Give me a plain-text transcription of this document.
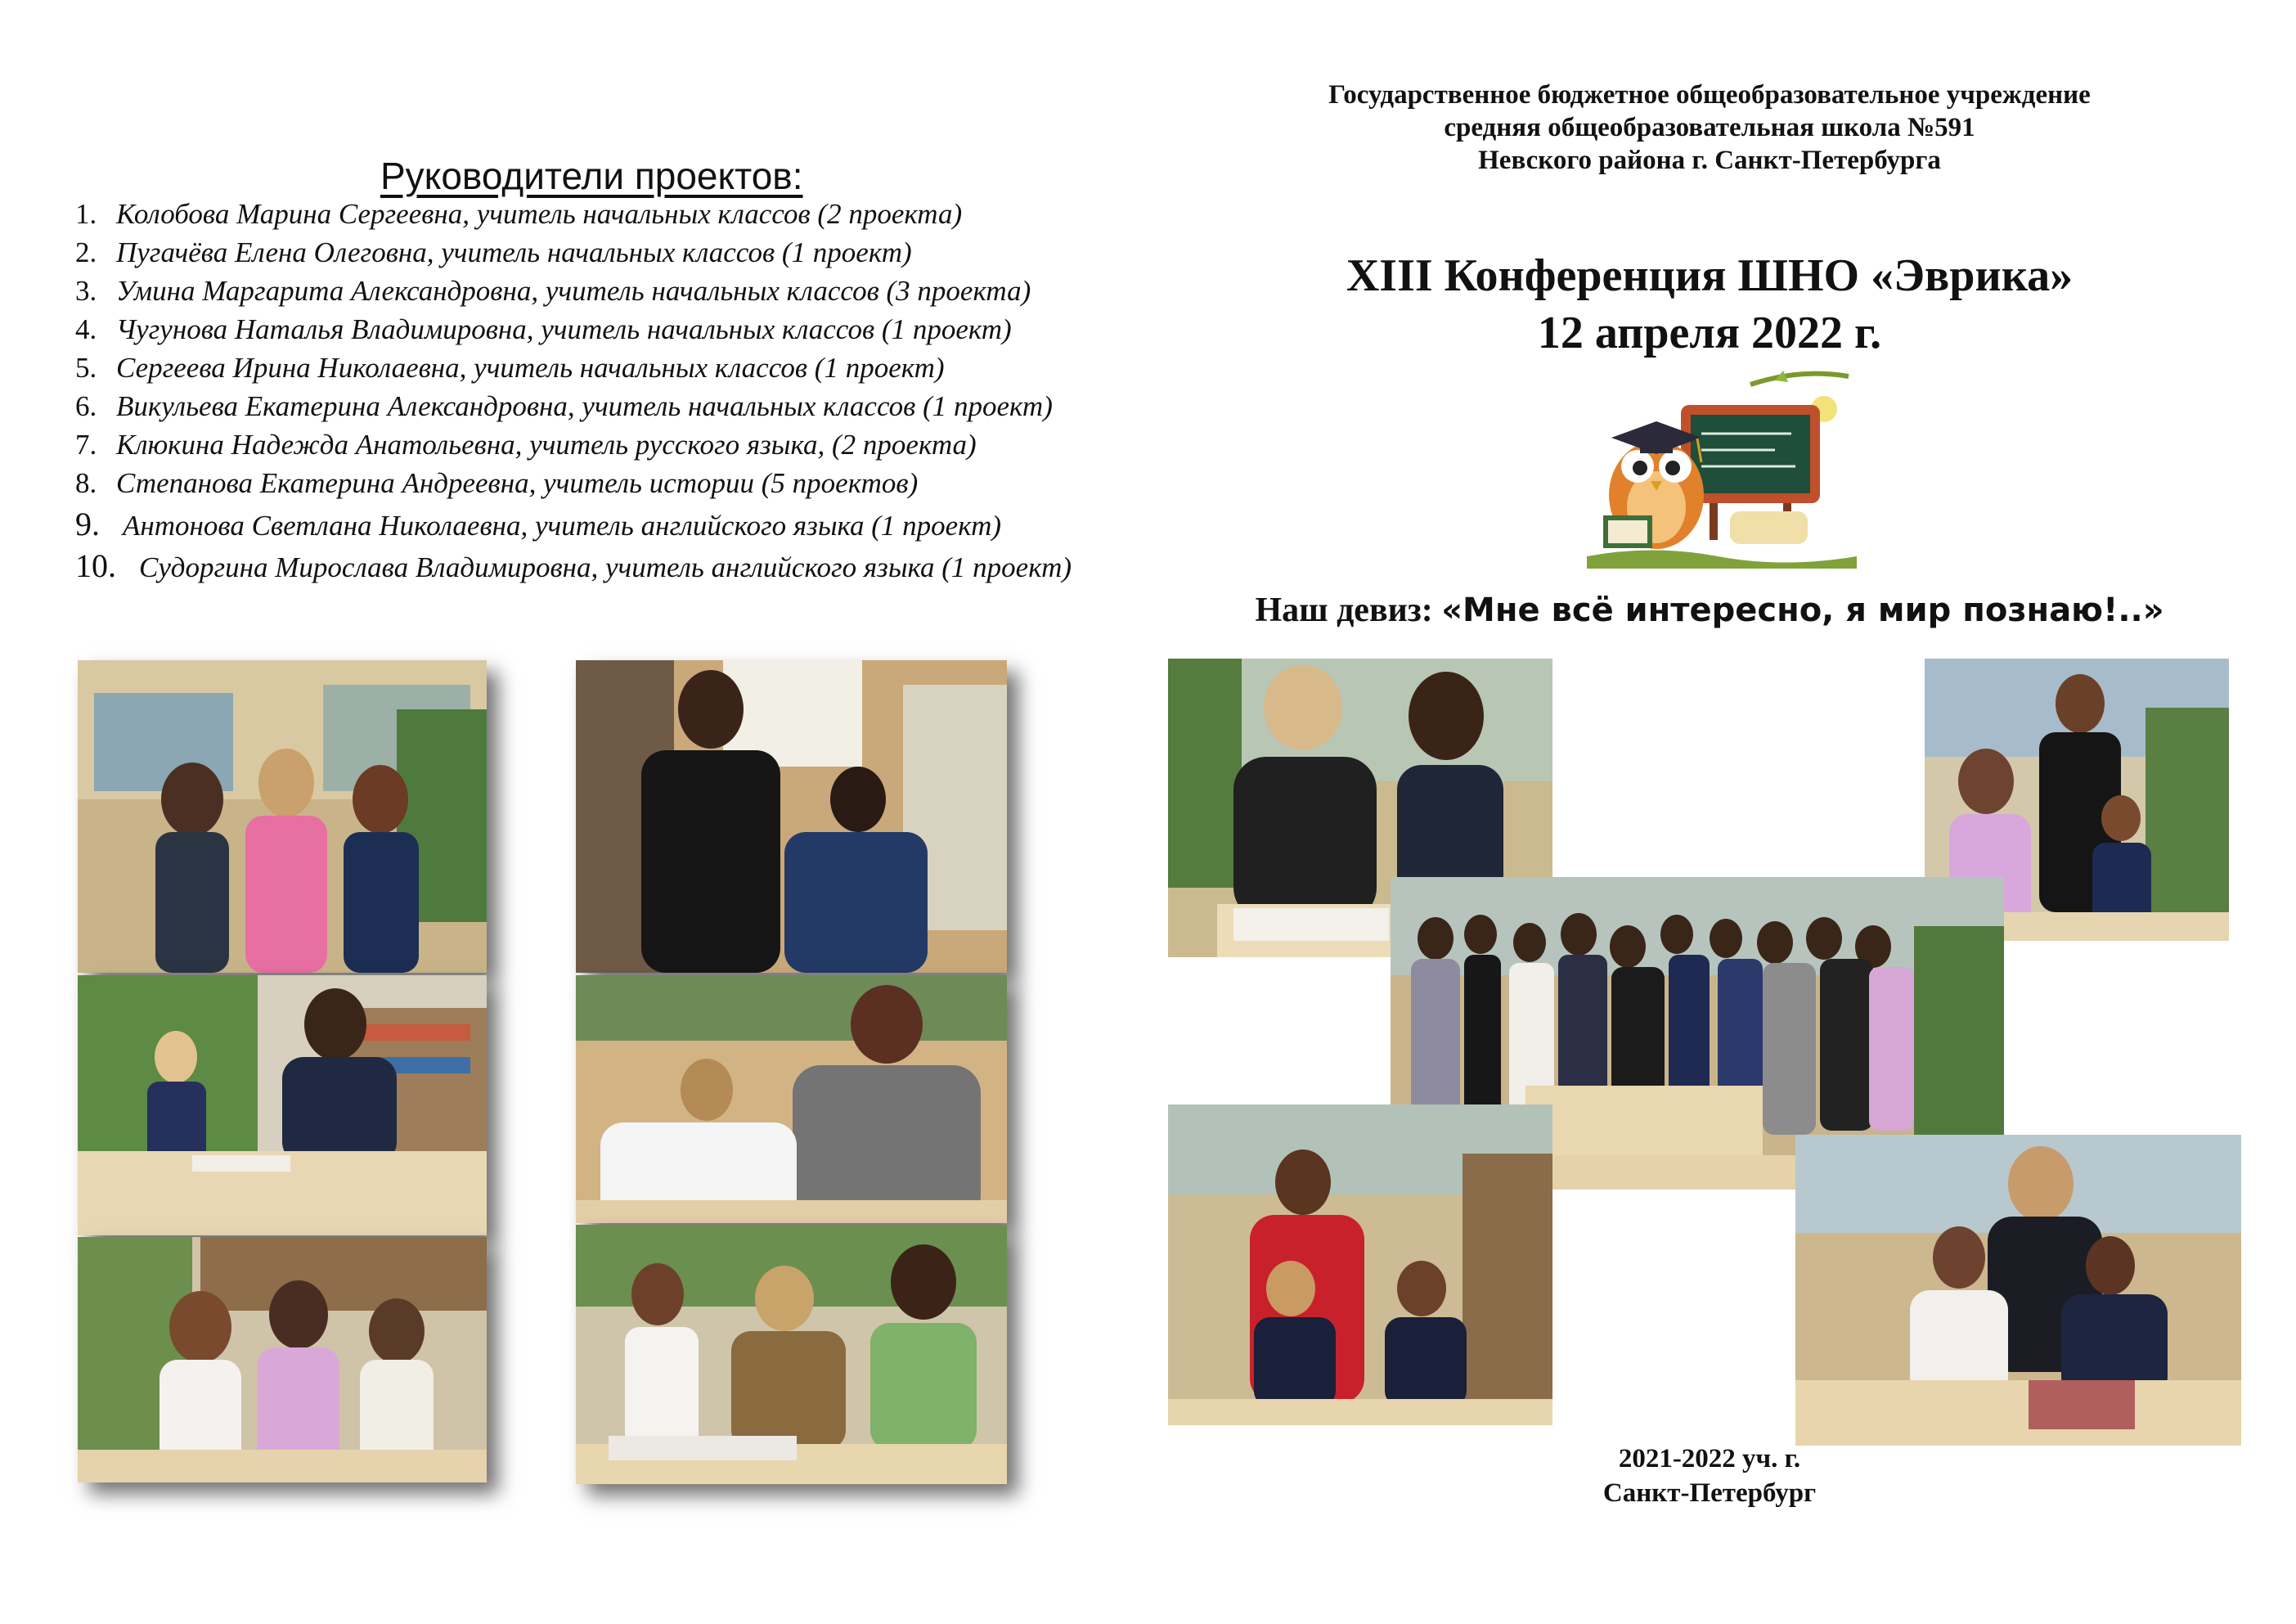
Руководители проектов:
1. Колобова Марина Сергеевна, учитель начальных классов (2 проекта)
2. Пугачёва Елена Олеговна, учитель начальных классов (1 проект)
3. Умина Маргарита Александровна, учитель начальных классов (3 проекта)
4. Чугунова Наталья Владимировна, учитель начальных классов (1 проект)
5. Сергеева Ирина Николаевна, учитель начальных классов (1 проект)
6. Викульева Екатерина Александровна, учитель начальных классов (1 проект)
7. Клюкина Надежда Анатольевна, учитель русского языка, (2 проекта)
8. Степанова Екатерина Андреевна, учитель истории (5 проектов)
9. Антонова Светлана Николаевна, учитель английского языка (1 проект)
10. Судоргина Мирослава Владимировна, учитель английского языка (1 проект)
Государственное бюджетное общеобразовательное учреждение
средняя общеобразовательная школа №591
Невского района г. Санкт-Петербурга
XIII Конференция ШНО «Эврика»
12 апреля 2022 г.
Наш девиз: «Мне всё интересно, я мир познаю!..»
2021-2022 уч. г.
Санкт-Петербург
